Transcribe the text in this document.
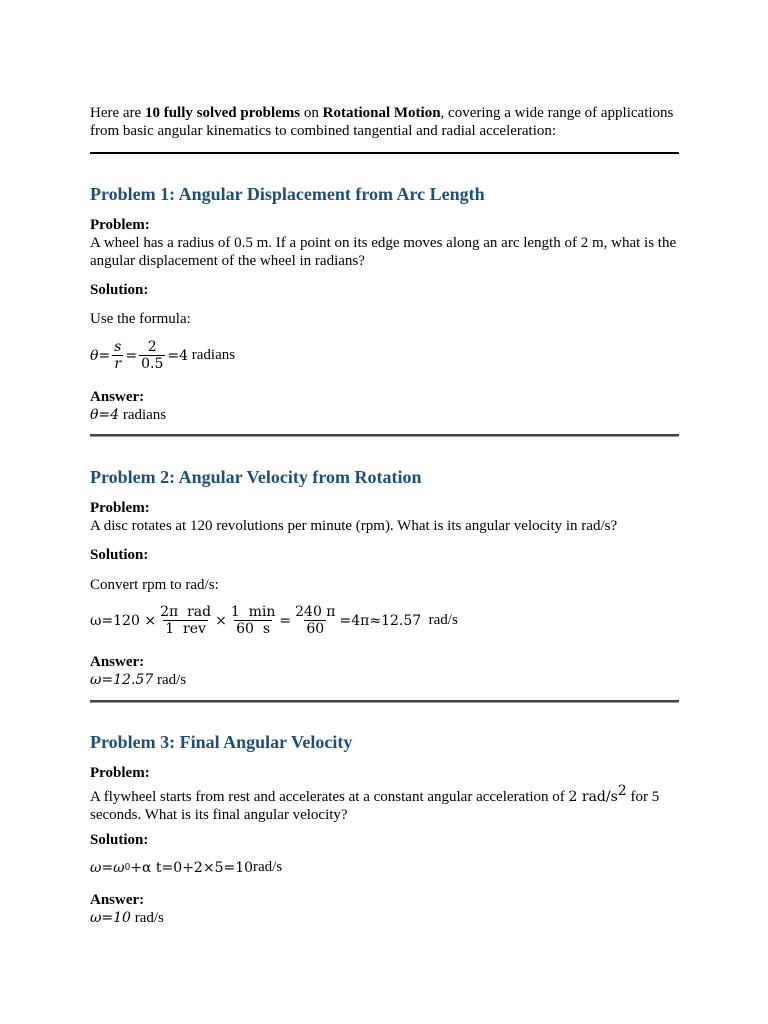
Here are 10 fully solved problems on Rotational Motion, covering a wide range of applications from basic angular kinematics to combined tangential and radial acceleration:
Problem 1: Angular Displacement from Arc Length
Problem:
A wheel has a radius of 0.5 m. If a point on its edge moves along an arc length of 2 m, what is the angular displacement of the wheel in radians?
Solution:
Use the formula:
$\theta= \frac{s}{r} = \frac{2}{0.5} =4$ radians
Answer:
θ=4 radians
Problem 2: Angular Velocity from Rotation
Problem:
A disc rotates at 120 revolutions per minute (rpm). What is its angular velocity in rad/s?
Solution:
Convert rpm to rad/s:
$\omega=120 \times \frac{\text{2π  rad}}{\text{1  rev}} \times \frac{1 \min}{60 s} = \frac{240 \pi}{60} =4\pi\approx 12.57$ rad/s
Answer:
ω=12.57 rad/s
Problem 3: Final Angular Velocity
Problem:
A flywheel starts from rest and accelerates at a constant angular acceleration of 2 rad/$s^2$ for 5 seconds. What is its final angular velocity?
Solution:
ω=ω 0 +α t=0+2×5=10 rad/s
Answer:
ω=10 rad/s
